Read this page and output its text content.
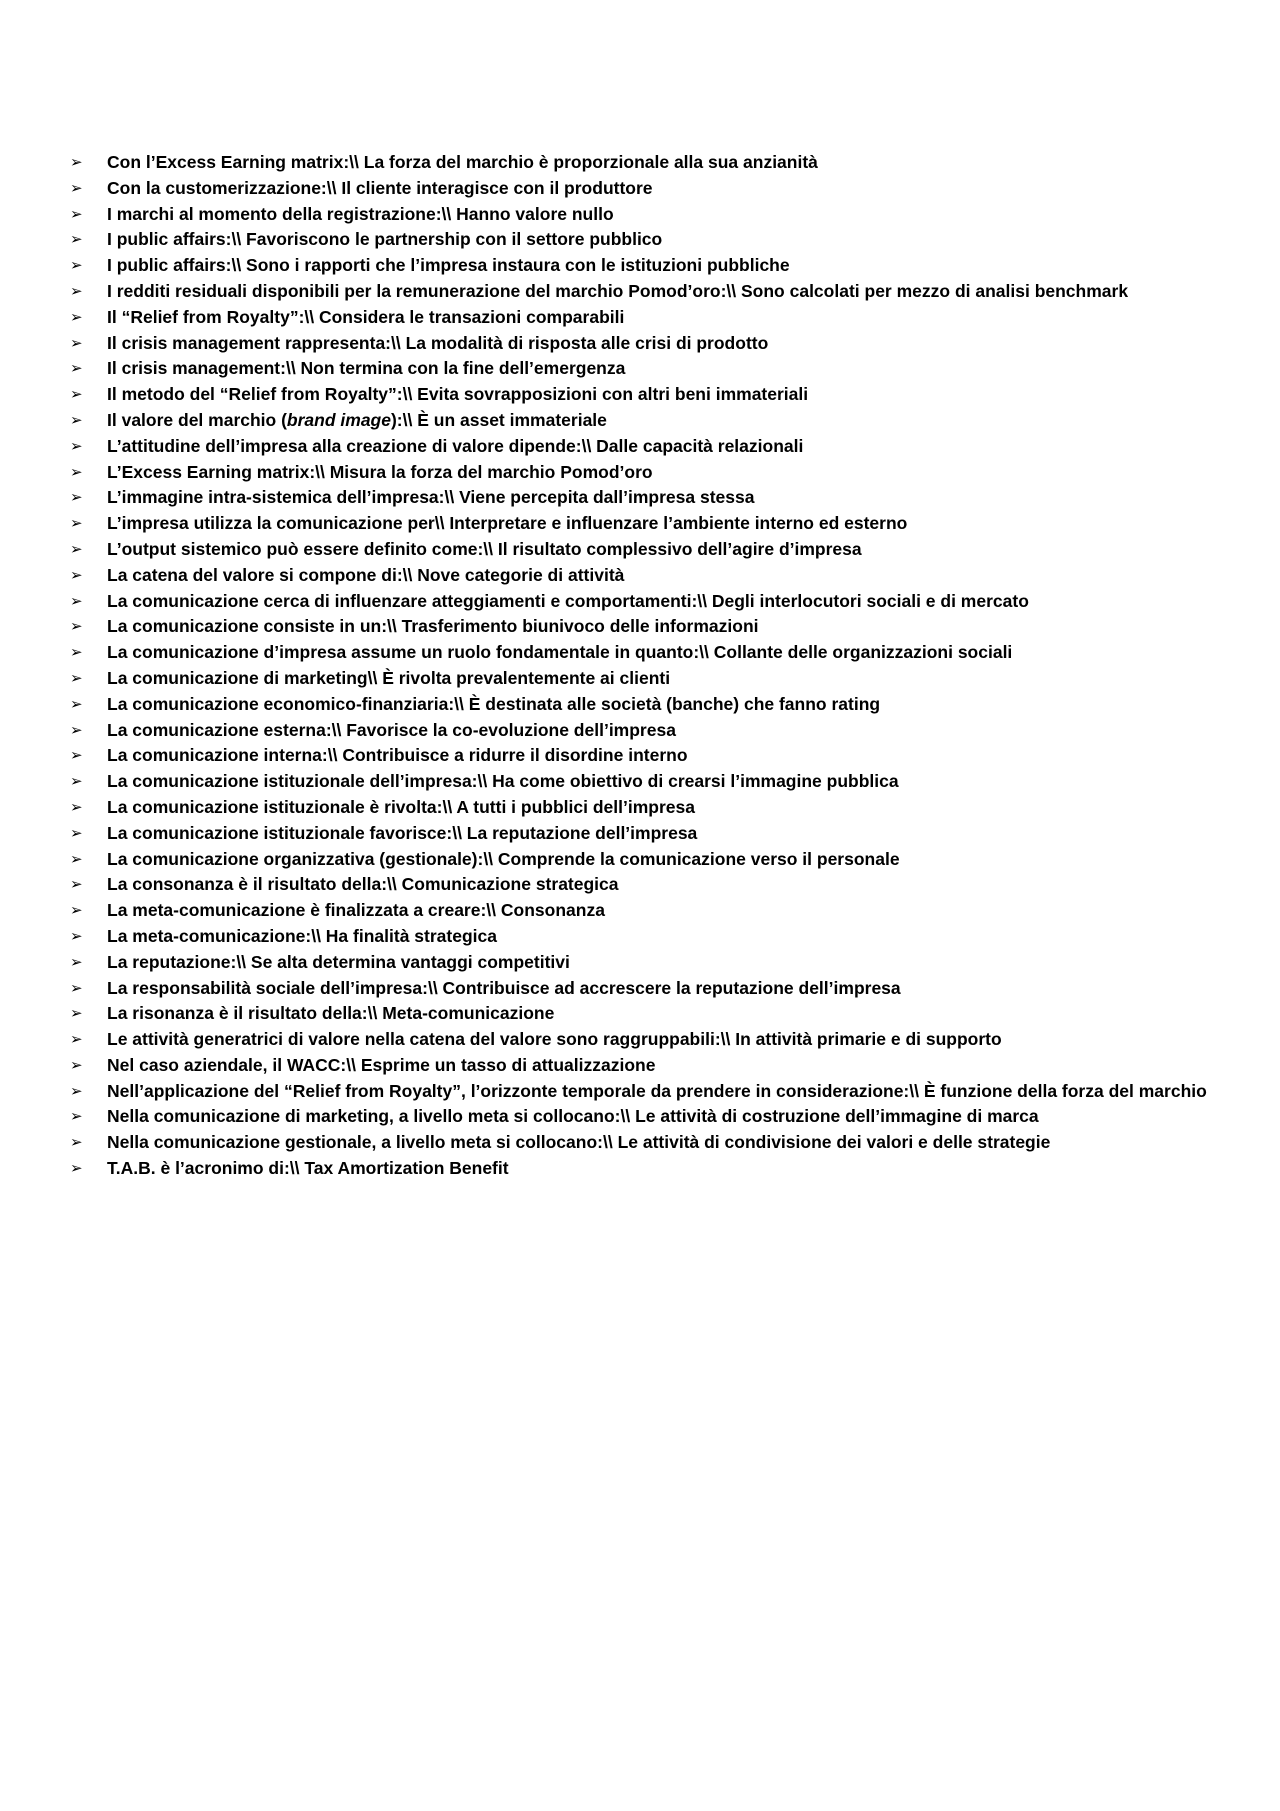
➢	Con l’Excess Earning matrix:\\ La forza del marchio è proporzionale alla sua anzianità
➢	Con la customerizzazione:\\ Il cliente interagisce con il produttore
➢	I marchi al momento della registrazione:\\ Hanno valore nullo
➢	I public affairs:\\ Favoriscono le partnership con il settore pubblico
➢	I public affairs:\\ Sono i rapporti che l’impresa instaura con le istituzioni pubbliche
➢	I redditi residuali disponibili per la remunerazione del marchio Pomod’oro:\\ Sono calcolati per mezzo di analisi benchmark
➢	Il “Relief from Royalty”:\\ Considera le transazioni comparabili
➢	Il crisis management rappresenta:\\ La modalità di risposta alle crisi di prodotto
➢	Il crisis management:\\ Non termina con la fine dell’emergenza
➢	Il metodo del “Relief from Royalty”:\\ Evita sovrapposizioni con altri beni immateriali
➢	Il valore del marchio (brand image):\\ È un asset immateriale
➢	L’attitudine dell’impresa alla creazione di valore dipende:\\ Dalle capacità relazionali
➢	L’Excess Earning matrix:\\ Misura la forza del marchio Pomod’oro
➢	L’immagine intra-sistemica dell’impresa:\\ Viene percepita dall’impresa stessa
➢	L’impresa utilizza la comunicazione per\\ Interpretare e influenzare l’ambiente interno ed esterno
➢	L’output sistemico può essere definito come:\\ Il risultato complessivo dell’agire d’impresa
➢	La catena del valore si compone di:\\ Nove categorie di attività
➢	La comunicazione cerca di influenzare atteggiamenti e comportamenti:\\ Degli interlocutori sociali e di mercato
➢	La comunicazione consiste in un:\\ Trasferimento biunivoco delle informazioni
➢	La comunicazione d’impresa assume un ruolo fondamentale in quanto:\\ Collante delle organizzazioni sociali
➢	La comunicazione di marketing\\ È rivolta prevalentemente ai clienti
➢	La comunicazione economico-finanziaria:\\ È destinata alle società (banche) che fanno rating
➢	La comunicazione esterna:\\ Favorisce la co-evoluzione dell’impresa
➢	La comunicazione interna:\\ Contribuisce a ridurre il disordine interno
➢	La comunicazione istituzionale dell’impresa:\\ Ha come obiettivo di crearsi l’immagine pubblica
➢	La comunicazione istituzionale è rivolta:\\ A tutti i pubblici dell’impresa
➢	La comunicazione istituzionale favorisce:\\ La reputazione dell’impresa
➢	La comunicazione organizzativa (gestionale):\\ Comprende la comunicazione verso il personale
➢	La consonanza è il risultato della:\\ Comunicazione strategica
➢	La meta-comunicazione è finalizzata a creare:\\ Consonanza
➢	La meta-comunicazione:\\ Ha finalità strategica
➢	La reputazione:\\ Se alta determina vantaggi competitivi
➢	La responsabilità sociale dell’impresa:\\ Contribuisce ad accrescere la reputazione dell’impresa
➢	La risonanza è il risultato della:\\ Meta-comunicazione
➢	Le attività generatrici di valore nella catena del valore sono raggruppabili:\\ In attività primarie e di supporto
➢	Nel caso aziendale, il WACC:\\ Esprime un tasso di attualizzazione
➢	Nell’applicazione del “Relief from Royalty”, l’orizzonte temporale da prendere in considerazione:\\ È funzione della forza del marchio
➢	Nella comunicazione di marketing, a livello meta si collocano:\\ Le attività di costruzione dell’immagine di marca
➢	Nella comunicazione gestionale, a livello meta si collocano:\\ Le attività di condivisione dei valori e delle strategie
➢	T.A.B. è l’acronimo di:\\ Tax Amortization Benefit
